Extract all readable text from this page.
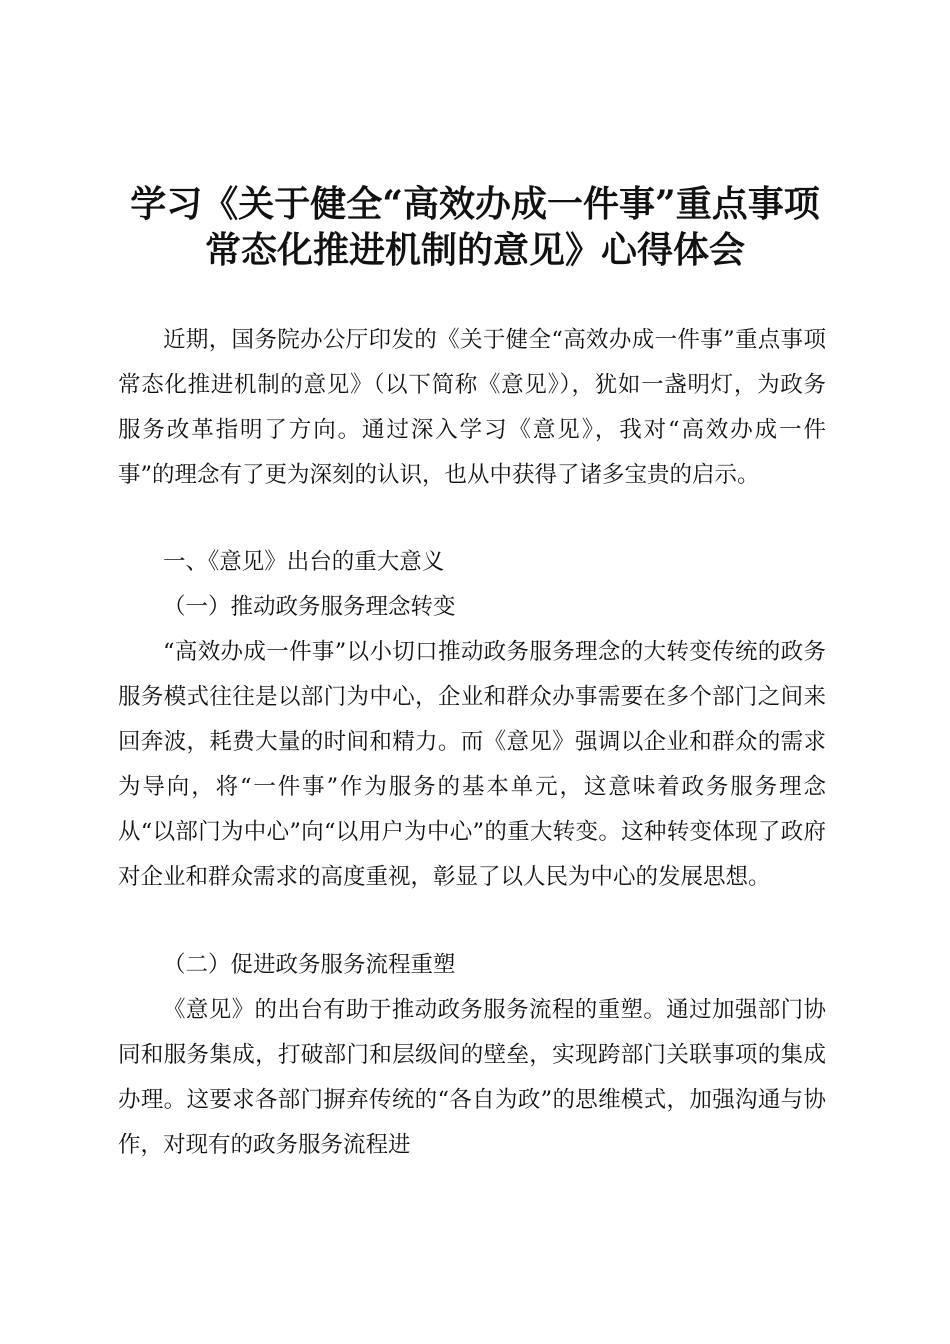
学习《关于健全“高效办成一件事”重点事项
常态化推进机制的意见》心得体会

近期，国务院办公厅印发的《关于健全“高效办成一件事”重点事项常态化推进机制的意见》（以下简称《意见》），犹如一盏明灯，为政务服务改革指明了方向。通过深入学习《意见》，我对“高效办成一件事”的理念有了更为深刻的认识，也从中获得了诸多宝贵的启示。

一、《意见》出台的重大意义

（一）推动政务服务理念转变

“高效办成一件事”以小切口推动政务服务理念的大转变传统的政务服务模式往往是以部门为中心，企业和群众办事需要在多个部门之间来回奔波，耗费大量的时间和精力。而《意见》强调以企业和群众的需求为导向，将“一件事”作为服务的基本单元，这意味着政务服务理念从“以部门为中心”向“以用户为中心”的重大转变。这种转变体现了政府对企业和群众需求的高度重视，彰显了以人民为中心的发展思想。

（二）促进政务服务流程重塑

《意见》的出台有助于推动政务服务流程的重塑。通过加强部门协同和服务集成，打破部门和层级间的壁垒，实现跨部门关联事项的集成办理。这要求各部门摒弃传统的“各自为政”的思维模式，加强沟通与协作，对现有的政务服务流程进
